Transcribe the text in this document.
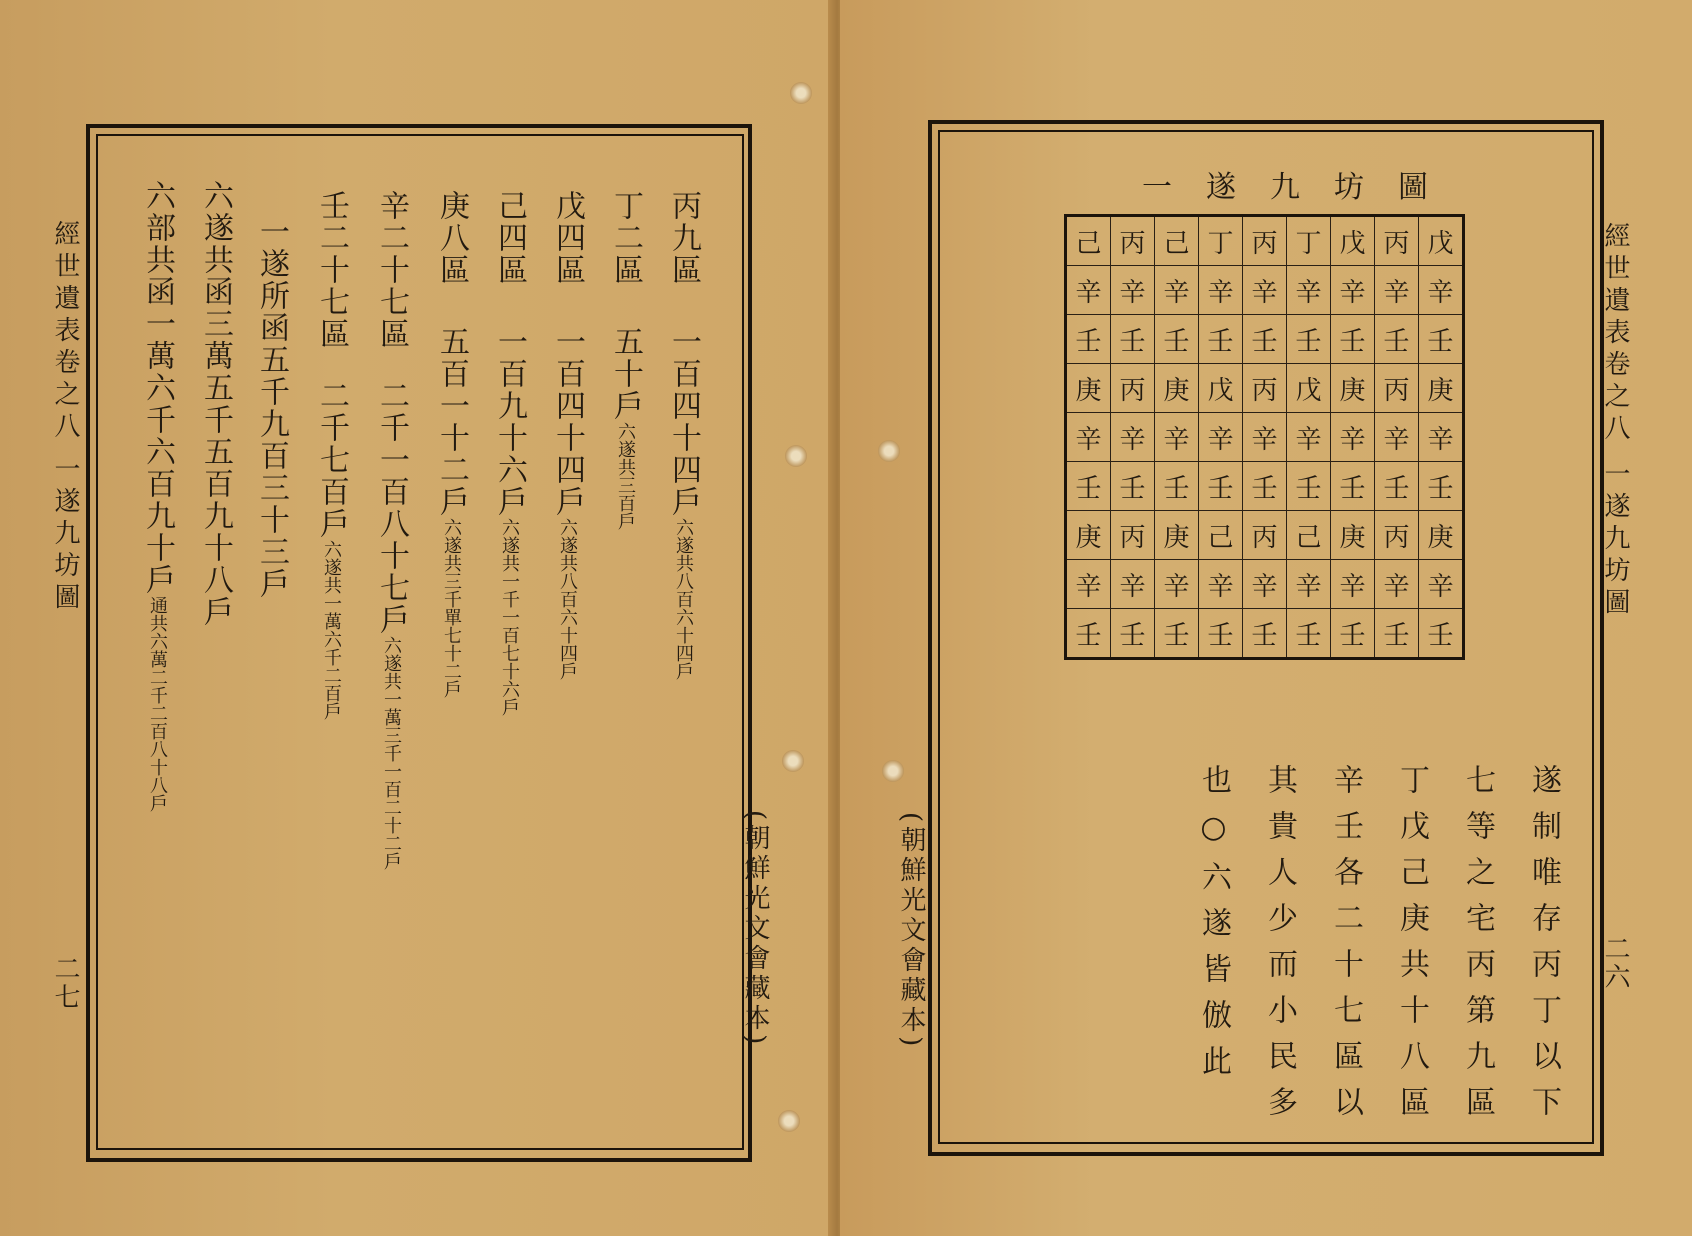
經世遺表卷之八
一遂九坊圖
二七	(朝鮮光文會藏本)
丙九區一百四十四戶六遂共八百六十四戶
丁二區五十戶六遂共三百戶
戊四區一百四十四戶六遂共八百六十四戶
己四區一百九十六戶六遂共一千一百七十六戶
庚八區五百一十二戶六遂共三千單七十二戶
辛二十七區二千一百八十七戶六遂共一萬三千一百二十二戶
壬二十七區二千七百戶六遂共一萬六千二百戶
一遂所函五千九百三十三戶
六遂共函三萬五千五百九十八戶
六部共函一萬六千六百九十戶通共六萬二千二百八十八戶
經世遺表卷之八
一遂九坊圖
二六
(朝鮮光文會藏本)
一遂九坊圖
己	丙	己	丁	丙	丁	戊	丙	戊
辛	辛	辛	辛	辛	辛	辛	辛	辛
壬	壬	壬	壬	壬	壬	壬	壬	壬
庚	丙	庚	戊	丙	戊	庚	丙	庚
辛	辛	辛	辛	辛	辛	辛	辛	辛
壬	壬	壬	壬	壬	壬	壬	壬	壬
庚	丙	庚	己	丙	己	庚	丙	庚
辛	辛	辛	辛	辛	辛	辛	辛	辛
壬	壬	壬	壬	壬	壬	壬	壬	壬
遂制唯存丙丁以下
七等之宅丙第九區
丁戊己庚共十八區
辛壬各二十七區以
其貴人少而小民多
也○六遂皆倣此
